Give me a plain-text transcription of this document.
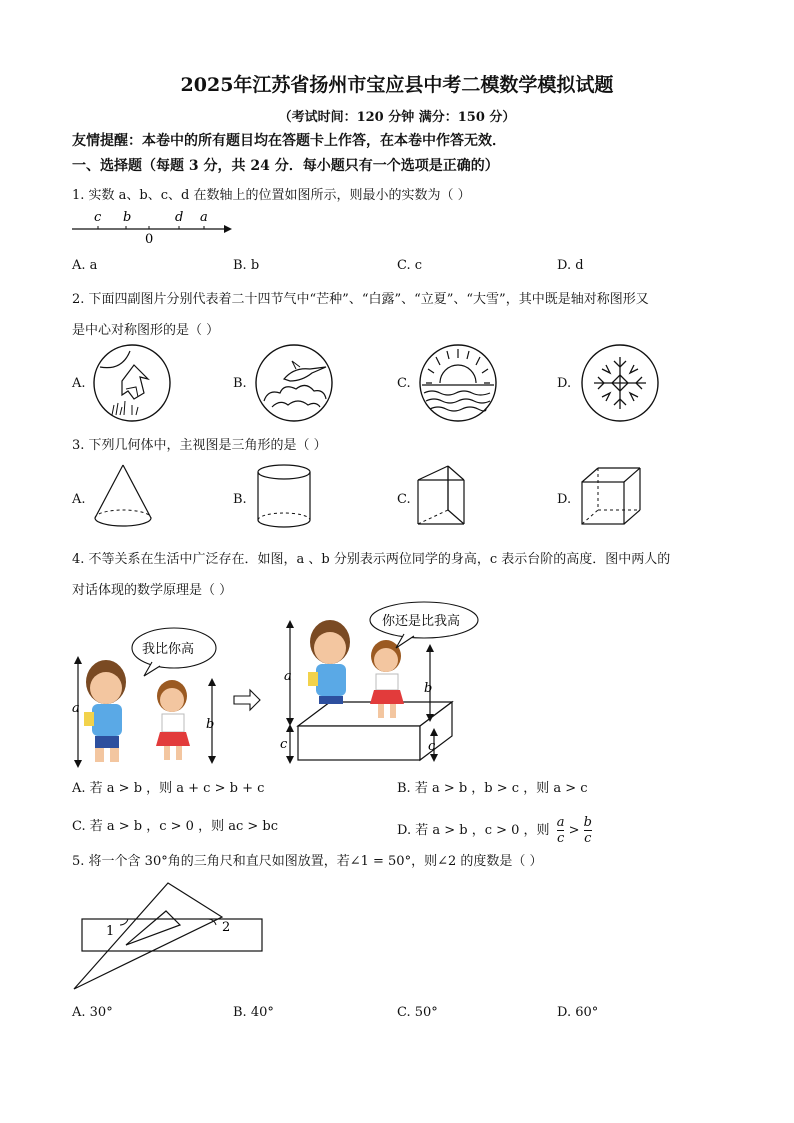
2025年江苏省扬州市宝应县中考二模数学模拟试题
（考试时间：120 分钟 满分：150 分）
友情提醒：本卷中的所有题目均在答题卡上作答，在本卷中作答无效．
一、选择题（每题 3 分，共 24 分．每小题只有一个选项是正确的）
1. 实数 a、b、c、d 在数轴上的位置如图所示，则最小的实数为（ ）
c b
0
d a
A. a	B. b	C. c	D. d
2. 下面四副图片分别代表着二十四节气中“芒种”、“白露”、“立夏”、“大雪”，其中既是轴对称图形又
是中心对称图形的是（ ）
A.	B.	C.	D.
3. 下列几何体中，主视图是三角形的是（ ）
A.	B.	C.	D.
4. 不等关系在生活中广泛存在．如图，a 、b 分别表示两位同学的身高，c 表示台阶的高度．图中两人的
对话体现的数学原理是（ ）
a
我比你高
b
a
c
你还是比我高
b
c
A. 若 a > b ，则 a + c > b + c	B. 若 a > b ，b > c ，则 a > c
C. 若 a > b ，c > 0 ，则 ac > bc	D. 若 a > b ，c > 0 ，则 $\frac{a}{c} > \frac{b}{c}$
5. 将一个含 30°角的三角尺和直尺如图放置，若∠1 = 50°，则∠2 的度数是（ ）
1	2
A. 30°	B. 40°	C. 50°	D. 60°
